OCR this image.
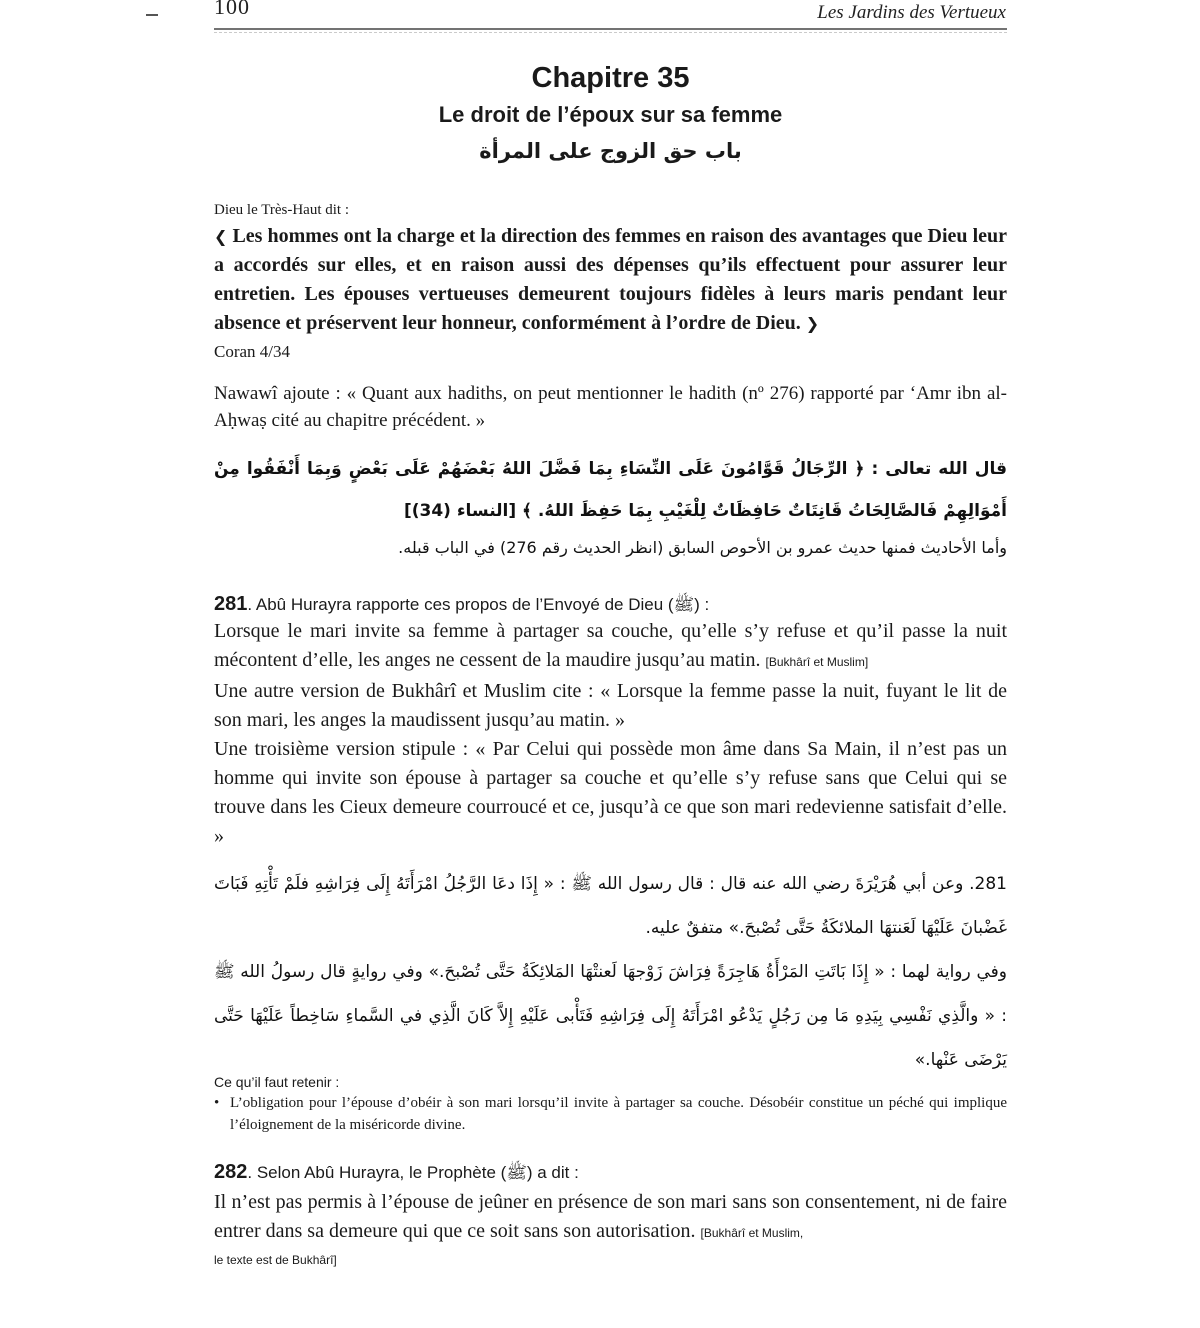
100	Les Jardins des Vertueux
Chapitre 35
Le droit de l’époux sur sa femme
باب حق الزوج على المرأة
Dieu le Très-Haut dit :
❮ Les hommes ont la charge et la direction des femmes en raison des avantages que Dieu leur a accordés sur elles, et en raison aussi des dépenses qu’ils effectuent pour assurer leur entretien. Les épouses vertueuses demeurent toujours fidèles à leurs maris pendant leur absence et préservent leur honneur, conformément à l’ordre de Dieu. ❯
Coran 4/34
Nawawî ajoute : « Quant aux hadiths, on peut mentionner le hadith (nº 276) rapporté par ‘Amr ibn al-Aḥwaṣ cité au chapitre précédent. »
قال الله تعالى : ﴿ الرِّجَالُ قَوَّامُونَ عَلَى النِّسَاءِ بِمَا فَضَّلَ اللهُ بَعْضَهُمْ عَلَى بَعْضٍ وَبِمَا أَنْفَقُوا مِنْ أَمْوَالِهِمْ فَالصَّالِحَاتُ قَانِتَاتٌ حَافِظَاتٌ لِلْغَيْبِ بِمَا حَفِظَ اللهُ. ﴾ [النساء (34)]
وأما الأحاديث فمنها حديث عمرو بن الأحوص السابق (انظر الحديث رقم 276) في الباب قبله.
281. Abû Hurayra rapporte ces propos de l’Envoyé de Dieu (ﷺ) :
Lorsque le mari invite sa femme à partager sa couche, qu’elle s’y refuse et qu’il passe la nuit mécontent d’elle, les anges ne cessent de la maudire jusqu’au matin. [Bukhârî et Muslim]
Une autre version de Bukhârî et Muslim cite : « Lorsque la femme passe la nuit, fuyant le lit de son mari, les anges la maudissent jusqu’au matin. »
Une troisième version stipule : « Par Celui qui possède mon âme dans Sa Main, il n’est pas un homme qui invite son épouse à partager sa couche et qu’elle s’y refuse sans que Celui qui se trouve dans les Cieux demeure courroucé et ce, jusqu’à ce que son mari redevienne satisfait d’elle. »
281. وعن أبي هُرَيْرَةَ رضي الله عنه قال : قال رسول الله ﷺ : « إِذَا دعَا الرَّجُلُ امْرَأَتَهُ إِلَى فِرَاشِهِ فلَمْ تَأْتِهِ فَبَاتَ غَضْبانَ عَلَيْهَا لَعَنتهَا الملائكَةُ حَتَّى تُصْبحَ.» متفقٌ عليه.
وفي رواية لهما : « إِذَا بَاتَتِ المَرْأَةُ هَاجِرَةً فِرَاشَ زَوْجهَا لَعنتْهَا المَلائِكَةُ حَتَّى تُصْبحَ.» وفي روايةٍ قال رسولُ الله ﷺ : « والَّذِي نَفْسِي بِيَدِهِ مَا مِن رَجُلٍ يَدْعُو امْرَأَتَهُ إِلَى فِرَاشِهِ فَتَأْبى عَلَيْهِ إِلاَّ كَانَ الَّذِي في السَّماءِ سَاخِطاً عَلَيْهَا حَتَّى يَرْضَى عَنْها.»
Ce qu’il faut retenir :
• L’obligation pour l’épouse d’obéir à son mari lorsqu’il invite à partager sa couche. Désobéir constitue un péché qui implique l’éloignement de la miséricorde divine.
282. Selon Abû Hurayra, le Prophète (ﷺ) a dit :
Il n’est pas permis à l’épouse de jeûner en présence de son mari sans son consentement, ni de faire entrer dans sa demeure qui que ce soit sans son autorisation. [Bukhârî et Muslim,
le texte est de Bukhârî]
